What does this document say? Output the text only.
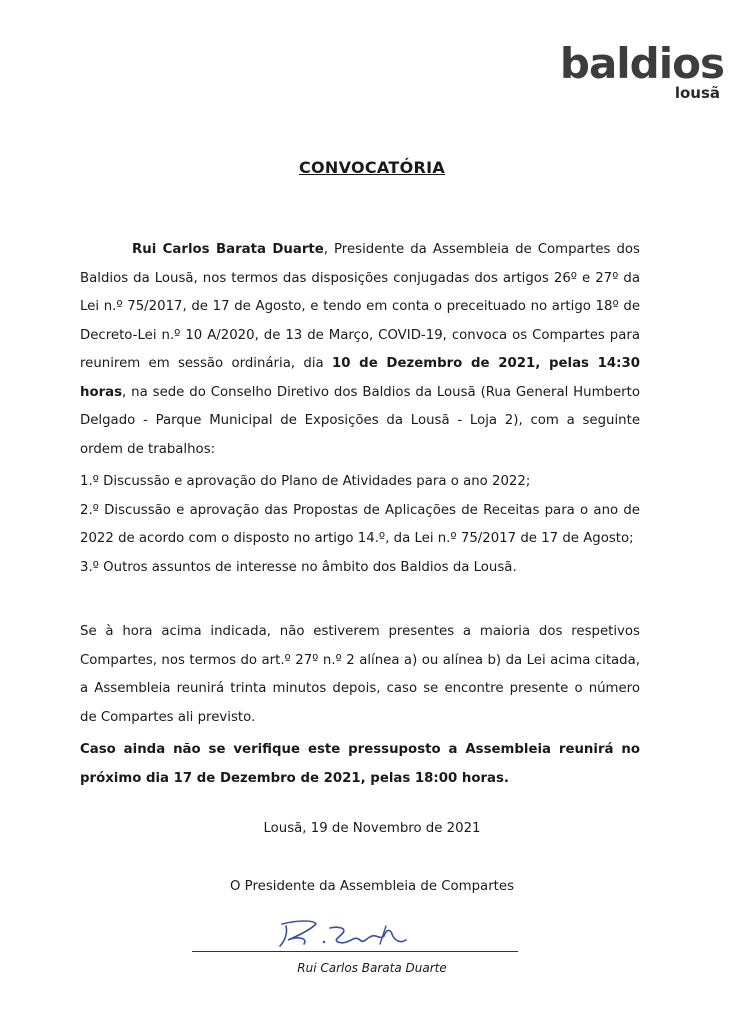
baldios
lousã
CONVOCATÓRIA
Rui Carlos Barata Duarte, Presidente da Assembleia de Compartes dos Baldios da Lousã, nos termos das disposições conjugadas dos artigos 26º e 27º da Lei n.º 75/2017, de 17 de Agosto, e tendo em conta o preceituado no artigo 18º de Decreto-Lei n.º 10 A/2020, de 13 de Março, COVID-19, convoca os Compartes para reunirem em sessão ordinária, dia 10 de Dezembro de 2021, pelas 14:30 horas, na sede do Conselho Diretivo dos Baldios da Lousã (Rua General Humberto Delgado - Parque Municipal de Exposições da Lousã - Loja 2), com a seguinte ordem de trabalhos:
1.º Discussão e aprovação do Plano de Atividades para o ano 2022;
2.º Discussão e aprovação das Propostas de Aplicações de Receitas para o ano de 2022 de acordo com o disposto no artigo 14.º, da Lei n.º 75/2017 de 17 de Agosto;
3.º Outros assuntos de interesse no âmbito dos Baldios da Lousã.
Se à hora acima indicada, não estiverem presentes a maioria dos respetivos Compartes, nos termos do art.º 27º n.º 2 alínea a) ou alínea b) da Lei acima citada, a Assembleia reunirá trinta minutos depois, caso se encontre presente o número de Compartes ali previsto.
Caso ainda não se verifique este pressuposto a Assembleia reunirá no próximo dia 17 de Dezembro de 2021, pelas 18:00 horas.
Lousã, 19 de Novembro de 2021
O Presidente da Assembleia de Compartes
Rui Carlos Barata Duarte
